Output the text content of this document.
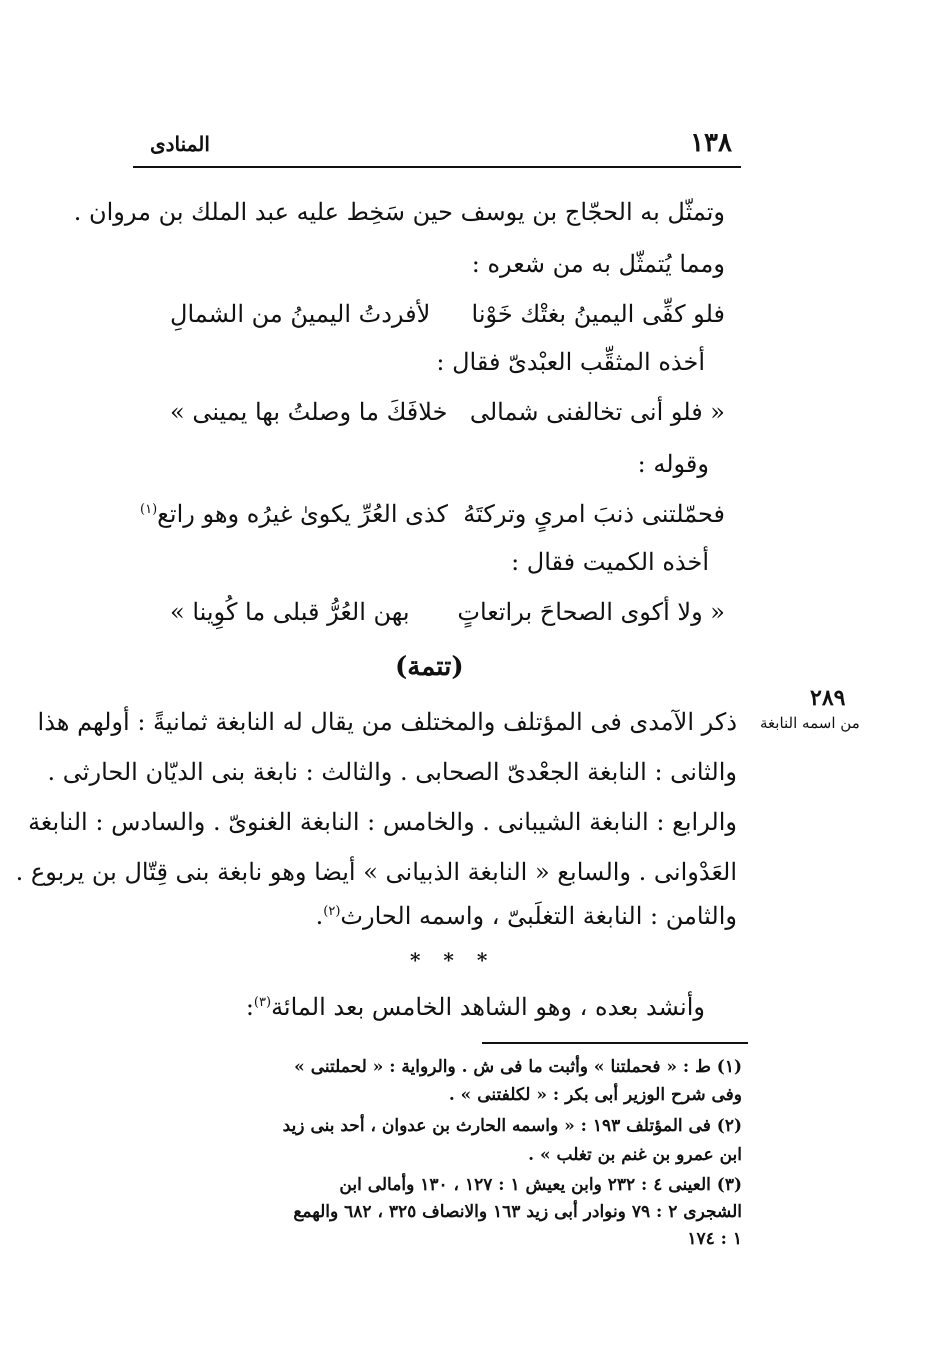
١٣٨
المنادى
وتمثّل به الحجّاج بن يوسف حين سَخِط عليه عبد الملك بن مروان .
ومما يُتمثّل به من شعره :
فلو كفِّى اليمينُ بغتْك خَوْنا
لأفردتُ اليمينُ من الشمالِ
أخذه المثقِّب العبْدىّ فقال :
« فلو أنى تخالفنى شمالى
خلافَكَ ما وصلتُ بها يمينى »
وقوله :
فحمّلتنى ذنبَ امرىٍ وتركتَهُ
كذى العُرِّ يكوىٰ غيرُه وهو راتع$^{(١)}$
أخذه الكميت فقال :
« ولا أكوى الصحاحَ براتعاتٍ
بهن العُرُّ قبلى ما كُوِينا »
(تتمة)
٢٨٩
من اسمه النابغة
ذكر الآمدى فى المؤتلف والمختلف من يقال له النابغة ثمانيةً : أولهم هذا
والثانى : النابغة الجعْدىّ الصحابى . والثالث : نابغة بنى الديّان الحارثى .
والرابع : النابغة الشيبانى . والخامس : النابغة الغنوىّ . والسادس : النابغة
العَدْوانى . والسابع « النابغة الذبيانى » أيضا وهو نابغة بنى قِتّال بن يربوع .
والثامن : النابغة التغلَبىّ ، واسمه الحارث$^{(٢)}$.
* * *
وأنشد بعده ، وهو الشاهد الخامس بعد المائة$^{(٣)}$:
(١) ط : « فحملتنا » وأثبت ما فى ش . والرواية : « لحملتنى »
وفى شرح الوزير أبى بكر : « لكلفتنى » .
(٢) فى المؤتلف ١٩٣ : « واسمه الحارث بن عدوان ، أحد بنى زيد
ابن عمرو بن غنم بن تغلب » .
(٣) العينى ٤ : ٢٣٢ وابن يعيش ١ : ١٢٧ ، ١٣٠ وأمالى ابن
الشجرى ٢ : ٧٩ ونوادر أبى زيد ١٦٣ والانصاف ٣٢٥ ، ٦٨٢ والهمع
١ : ١٧٤
